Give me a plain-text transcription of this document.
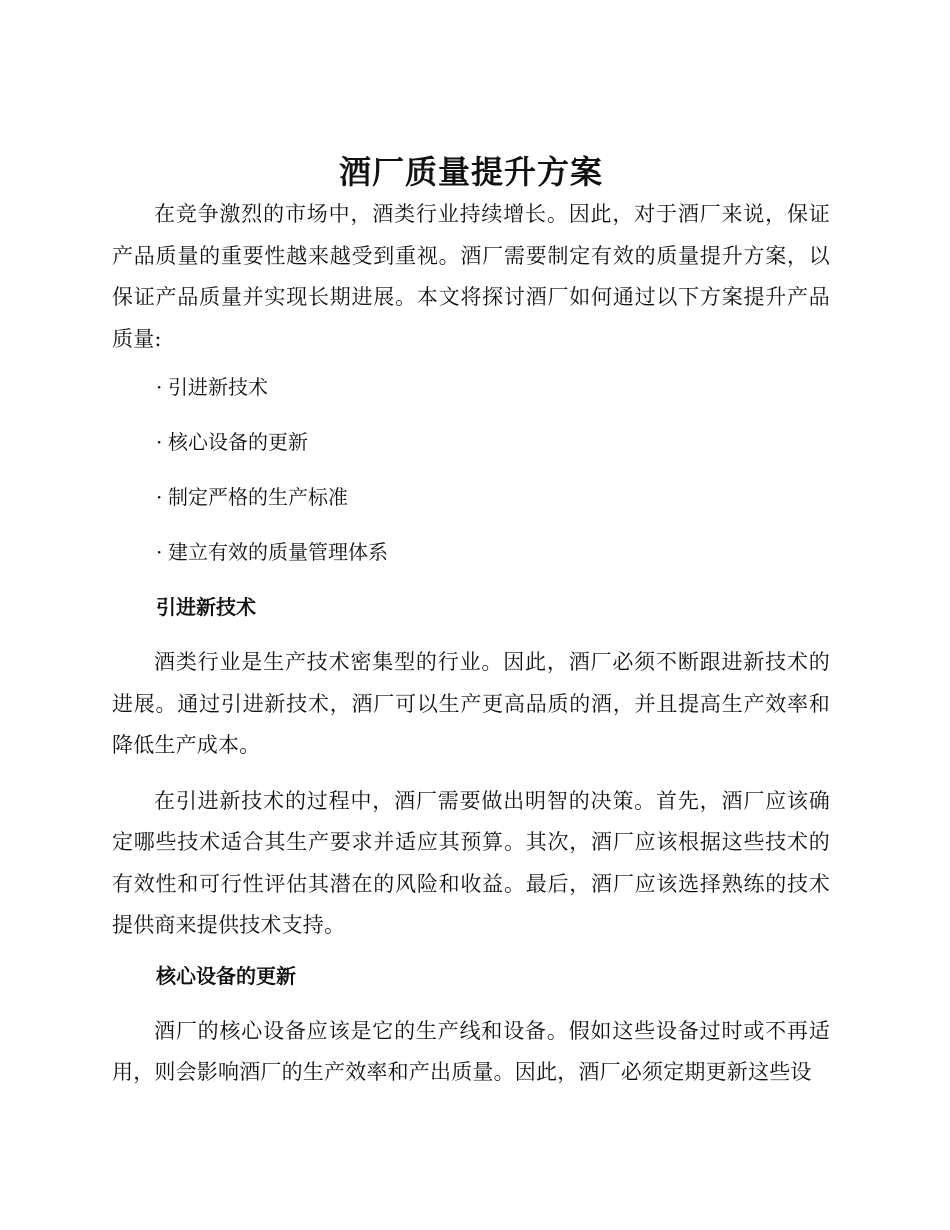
酒厂质量提升方案

在竞争激烈的市场中，酒类行业持续增长。因此，对于酒厂来说，保证产品质量的重要性越来越受到重视。酒厂需要制定有效的质量提升方案，以保证产品质量并实现长期进展。本文将探讨酒厂如何通过以下方案提升产品质量:

· 引进新技术
· 核心设备的更新
· 制定严格的生产标准
· 建立有效的质量管理体系
引进新技术

酒类行业是生产技术密集型的行业。因此，酒厂必须不断跟进新技术的进展。通过引进新技术，酒厂可以生产更高品质的酒，并且提高生产效率和降低生产成本。

在引进新技术的过程中，酒厂需要做出明智的决策。首先，酒厂应该确定哪些技术适合其生产要求并适应其预算。其次，酒厂应该根据这些技术的有效性和可行性评估其潜在的风险和收益。最后，酒厂应该选择熟练的技术提供商来提供技术支持。

核心设备的更新

酒厂的核心设备应该是它的生产线和设备。假如这些设备过时或不再适用，则会影响酒厂的生产效率和产出质量。因此，酒厂必须定期更新这些设
